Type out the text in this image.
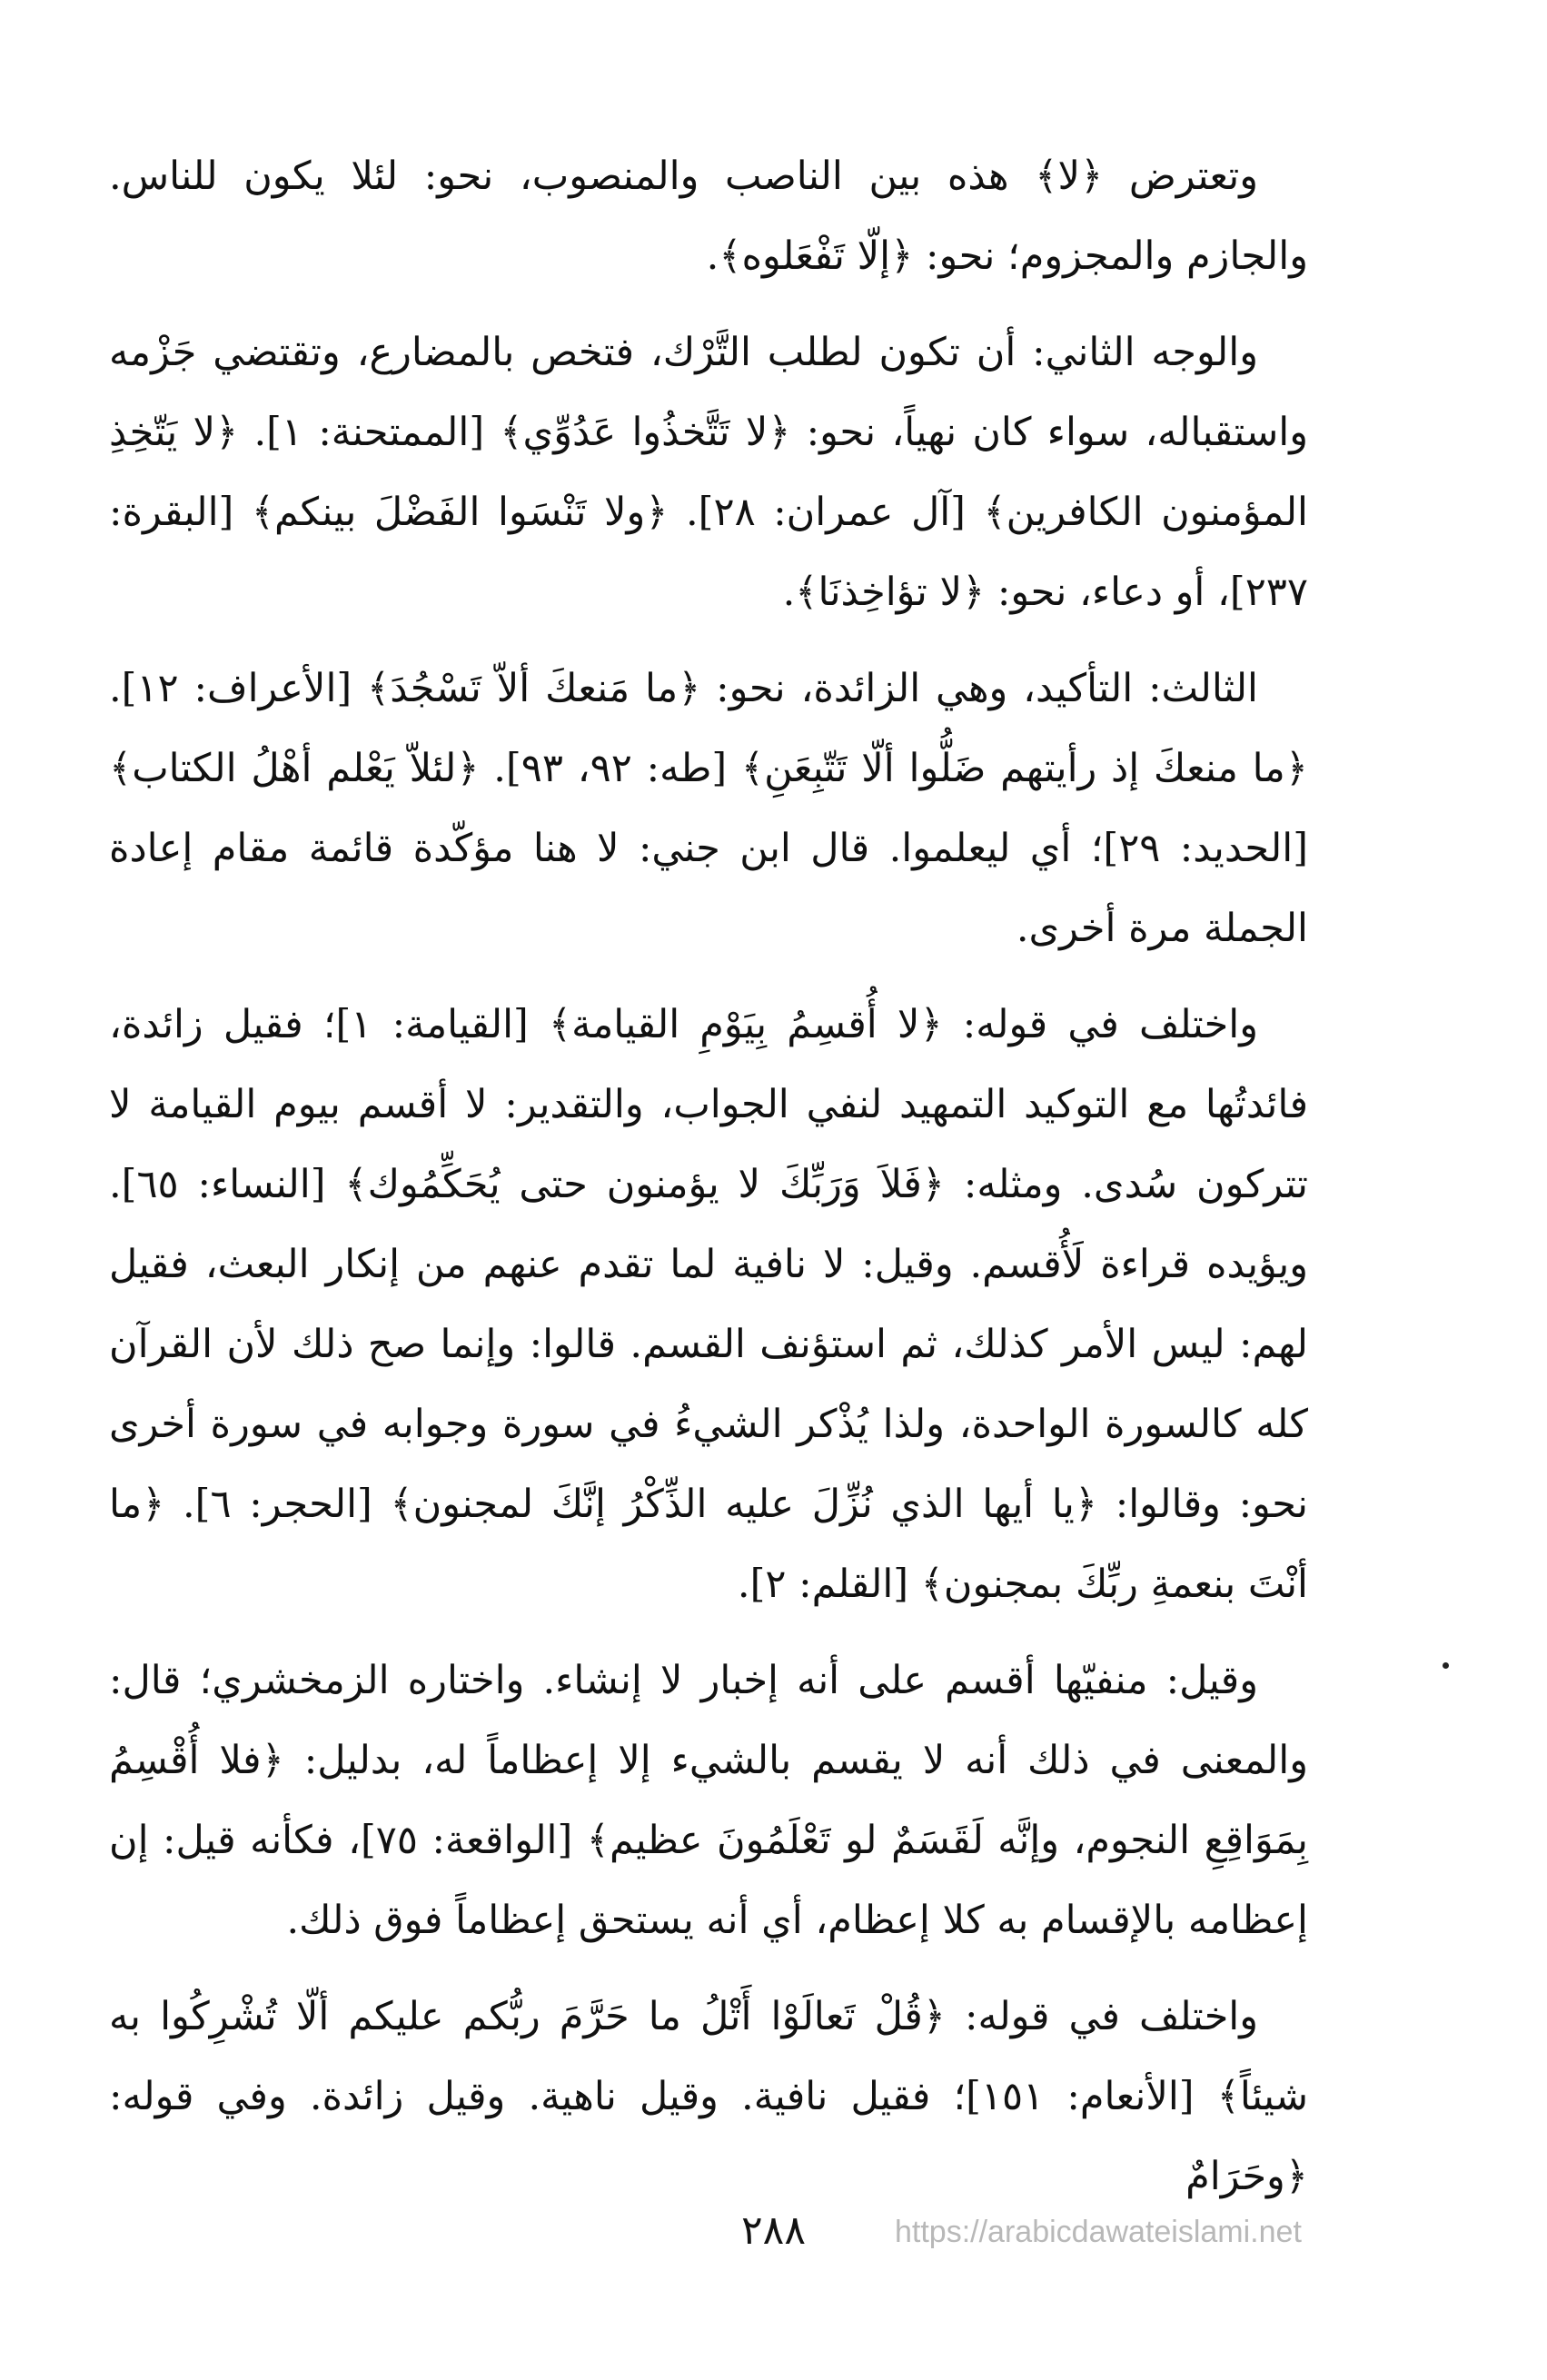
وتعترض ﴿لا﴾ هذه بين الناصب والمنصوب، نحو: لئلا يكون للناس. والجازم والمجزوم؛ نحو: ﴿إلّا تَفْعَلوه﴾.

والوجه الثاني: أن تكون لطلب التَّرْك، فتخص بالمضارع، وتقتضي جَزْمه واستقباله، سواء كان نهياً، نحو: ﴿لا تَتَّخذُوا عَدُوِّي﴾ [الممتحنة: ١]. ﴿لا يَتّخِذِ المؤمنون الكافرين﴾ [آل عمران: ٢٨]. ﴿ولا تَنْسَوا الفَضْلَ بينكم﴾ [البقرة: ٢٣٧]، أو دعاء، نحو: ﴿لا تؤاخِذنَا﴾.

الثالث: التأكيد، وهي الزائدة، نحو: ﴿ما مَنعكَ ألاّ تَسْجُدَ﴾ [الأعراف: ١٢]. ﴿ما منعكَ إذ رأيتهم ضَلُّوا ألّا تَتّبِعَنِ﴾ [طه: ٩٢، ٩٣]. ﴿لئلاّ يَعْلم أهْلُ الكتاب﴾ [الحديد: ٢٩]؛ أي ليعلموا. قال ابن جني: لا هنا مؤكّدة قائمة مقام إعادة الجملة مرة أخرى.

واختلف في قوله: ﴿لا أُقسِمُ بِيَوْمِ القيامة﴾ [القيامة: ١]؛ فقيل زائدة، فائدتُها مع التوكيد التمهيد لنفي الجواب، والتقدير: لا أقسم بيوم القيامة لا تتركون سُدى. ومثله: ﴿فَلاَ وَرَبِّكَ لا يؤمنون حتى يُحَكِّمُوك﴾ [النساء: ٦٥]. ويؤيده قراءة لَأُقسم. وقيل: لا نافية لما تقدم عنهم من إنكار البعث، فقيل لهم: ليس الأمر كذلك، ثم استؤنف القسم. قالوا: وإنما صح ذلك لأن القرآن كله كالسورة الواحدة، ولذا يُذْكر الشيءُ في سورة وجوابه في سورة أخرى نحو: وقالوا: ﴿يا أيها الذي نُزِّلَ عليه الذِّكْرُ إنَّكَ لمجنون﴾ [الحجر: ٦]. ﴿ما أنْتَ بنعمةِ ربِّكَ بمجنون﴾ [القلم: ٢].

وقيل: منفيّها أقسم على أنه إخبار لا إنشاء. واختاره الزمخشري؛ قال: والمعنى في ذلك أنه لا يقسم بالشيء إلا إعظاماً له، بدليل: ﴿فلا أُقْسِمُ بِمَوَاقِعِ النجوم، وإنَّه لَقَسَمٌ لو تَعْلَمُونَ عظيم﴾ [الواقعة: ٧٥]، فكأنه قيل: إن إعظامه بالإقسام به كلا إعظام، أي أنه يستحق إعظاماً فوق ذلك.

واختلف في قوله: ﴿قُلْ تَعالَوْا أَتْلُ ما حَرَّمَ ربُّكم عليكم ألّا تُشْرِكُوا به شيئاً﴾ [الأنعام: ١٥١]؛ فقيل نافية. وقيل ناهية. وقيل زائدة. وفي قوله: ﴿وحَرَامٌ

٢٨٨	https://arabicdawateislami.net
